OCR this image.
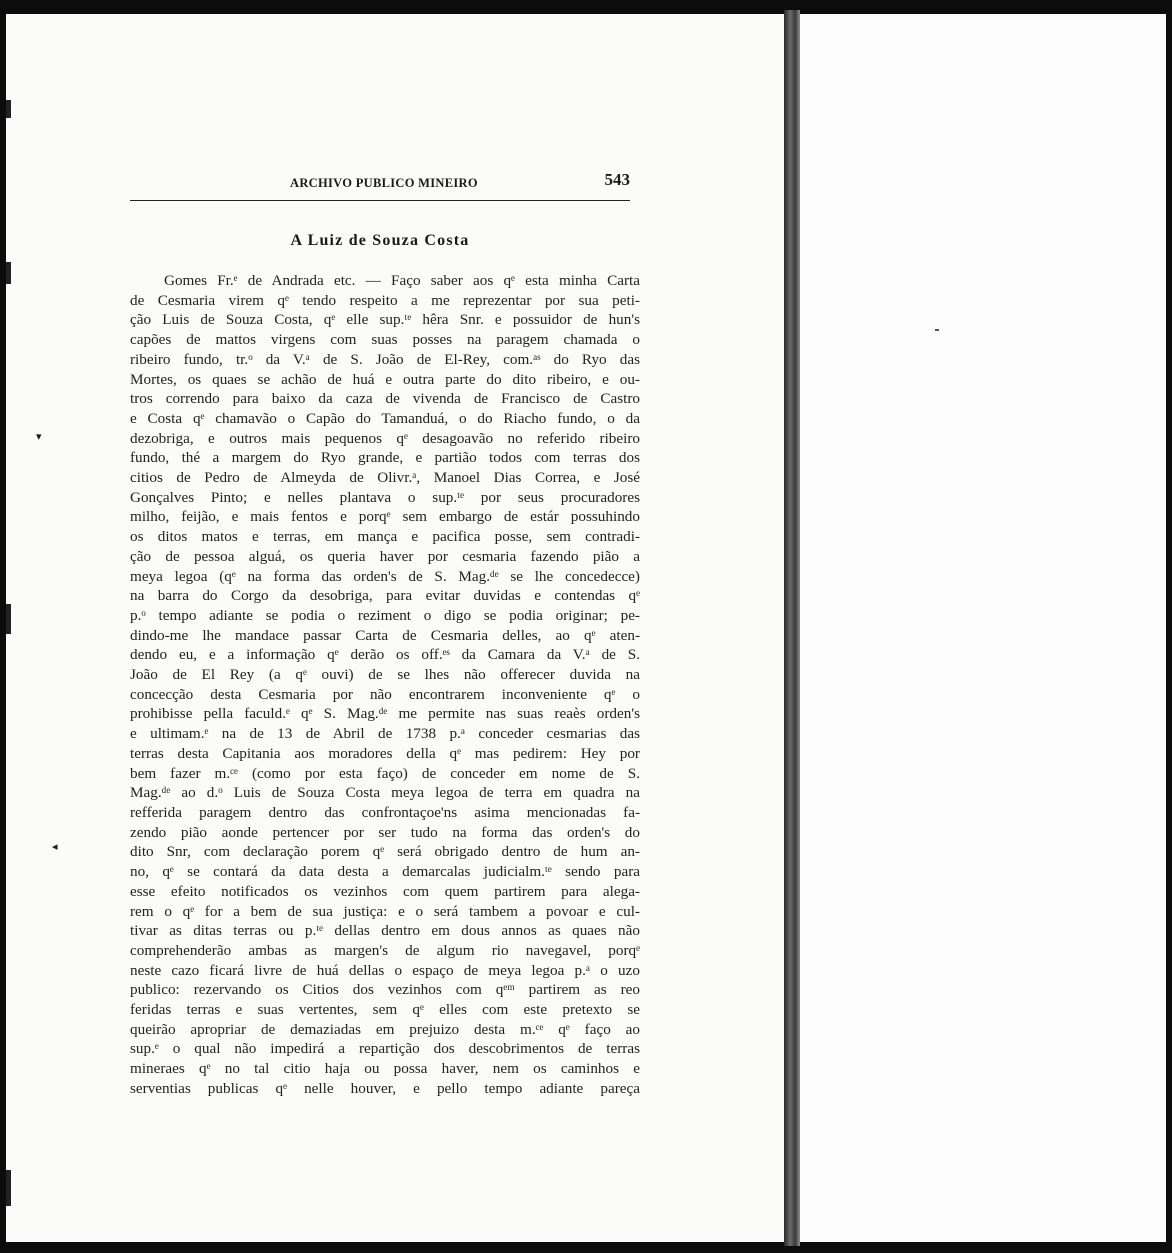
ARCHIVO PUBLICO MINEIRO	543
A Luiz de Souza Costa
▾
◂
Gomes Fr.ᵉ de Andrada etc. — Faço saber aos qᵉ esta minha Carta
de Cesmaria virem qᵉ tendo respeito a me reprezentar por sua peti-
ção Luis de Souza Costa, qᵉ elle sup.ᵗᵉ hêra Snr. e possuidor de hun's
capões de mattos virgens com suas posses na paragem chamada o
ribeiro fundo, tr.ᵒ da V.ᵃ de S. João de El-Rey, com.ᵃˢ do Ryo das
Mortes, os quaes se achão de huá e outra parte do dito ribeiro, e ou-
tros correndo para baixo da caza de vivenda de Francisco de Castro
e Costa qᵉ chamavão o Capão do Tamanduá, o do Riacho fundo, o da
dezobriga, e outros mais pequenos qᵉ desagoavão no referido ribeiro
fundo, thé a margem do Ryo grande, e partião todos com terras dos
citios de Pedro de Almeyda de Olivr.ᵃ, Manoel Dias Correa, e José
Gonçalves Pinto; e nelles plantava o sup.ᵗᵉ por seus procuradores
milho, feijão, e mais fentos e porqᵉ sem embargo de estár possuhindo
os ditos matos e terras, em mança e pacifica posse, sem contradi-
ção de pessoa alguá, os queria haver por cesmaria fazendo pião a
meya legoa (qᵉ na forma das orden's de S. Mag.ᵈᵉ se lhe concedecce)
na barra do Corgo da desobriga, para evitar duvidas e contendas qᵉ
p.ᵒ tempo adiante se podia o reziment o digo se podia originar; pe-
dindo-me lhe mandace passar Carta de Cesmaria delles, ao qᵉ aten-
dendo eu, e a informação qᵉ derão os off.ᵉˢ da Camara da V.ᵃ de S.
João de El Rey (a qᵉ ouvi) de se lhes não offerecer duvida na
concecção desta Cesmaria por não encontrarem inconveniente qᵉ o
prohibisse pella faculd.ᵉ qᵉ S. Mag.ᵈᵉ me permite nas suas reaès orden's
e ultimam.ᵉ na de 13 de Abril de 1738 p.ᵃ conceder cesmarias das
terras desta Capitania aos moradores della qᵉ mas pedirem: Hey por
bem fazer m.ᶜᵉ (como por esta faço) de conceder em nome de S.
Mag.ᵈᵉ ao d.ᵒ Luis de Souza Costa meya legoa de terra em quadra na
refferida paragem dentro das confrontaçoe'ns asima mencionadas fa-
zendo pião aonde pertencer por ser tudo na forma das orden's do
dito Snr, com declaração porem qᵉ será obrigado dentro de hum an-
no, qᵉ se contará da data desta a demarcalas judicialm.ᵗᵉ sendo para
esse efeito notificados os vezinhos com quem partirem para alega-
rem o qᵉ for a bem de sua justiça: e o será tambem a povoar e cul-
tivar as ditas terras ou p.ᵗᵉ dellas dentro em dous annos as quaes não
comprehenderão ambas as margen's de algum rio navegavel, porqᵉ
neste cazo ficará livre de huá dellas o espaço de meya legoa p.ᵃ o uzo
publico: rezervando os Citios dos vezinhos com qᵉᵐ partirem as reo
feridas terras e suas vertentes, sem qᵉ elles com este pretexto se
queirão apropriar de demaziadas em prejuizo desta m.ᶜᵉ qᵉ faço ao
sup.ᵉ o qual não impedirá a repartição dos descobrimentos de terras
mineraes qᵉ no tal citio haja ou possa haver, nem os caminhos e
serventias publicas qᵉ nelle houver, e pello tempo adiante pareça
